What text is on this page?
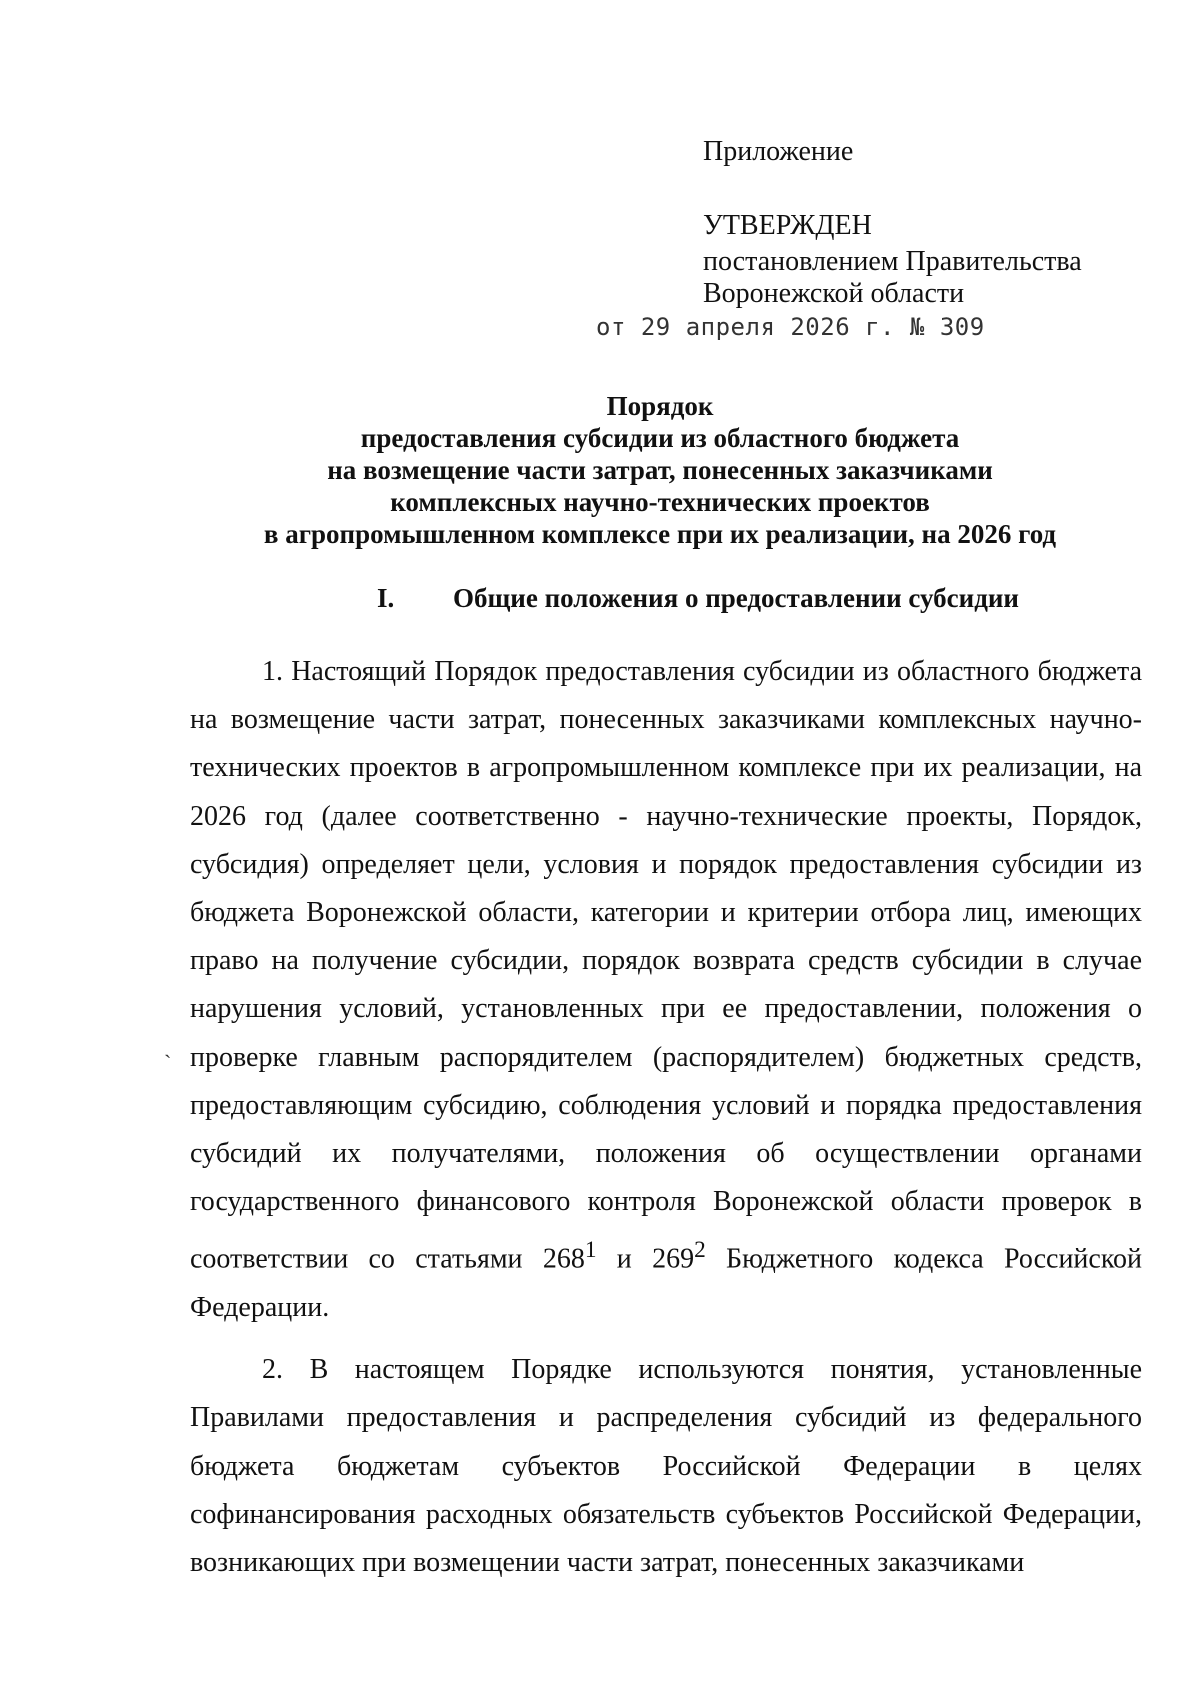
Приложение
УТВЕРЖДЕН
постановлением Правительства
Воронежской области
от 29 апреля 2026 г. № 309
Порядок
предоставления субсидии из областного бюджета
на возмещение части затрат, понесенных заказчиками
комплексных научно-технических проектов
в агропромышленном комплексе при их реализации, на 2026 год
I. Общие положения о предоставлении субсидии
`

1. Настоящий Порядок предоставления субсидии из областного бюджета на возмещение части затрат, понесенных заказчиками комплексных научно-технических проектов в агропромышленном комплексе при их реализации, на 2026 год (далее соответственно - научно-технические проекты, Порядок, субсидия) определяет цели, условия и порядок предоставления субсидии из бюджета Воронежской области, категории и критерии отбора лиц, имеющих право на получение субсидии, порядок возврата средств субсидии в случае нарушения условий, установленных при ее предоставлении, положения о проверке главным распорядителем (распорядителем) бюджетных средств, предоставляющим субсидию, соблюдения условий и порядка предоставления субсидий их получателями, положения об осуществлении органами государственного финансового контроля Воронежской области проверок в соответствии со статьями $268^1$ и $269^2$ Бюджетного кодекса Российской Федерации.

2. В настоящем Порядке используются понятия, установленные Правилами предоставления и распределения субсидий из федерального бюджета бюджетам субъектов Российской Федерации в целях софинансирования расходных обязательств субъектов Российской Федерации, возникающих при возмещении части затрат, понесенных заказчиками
